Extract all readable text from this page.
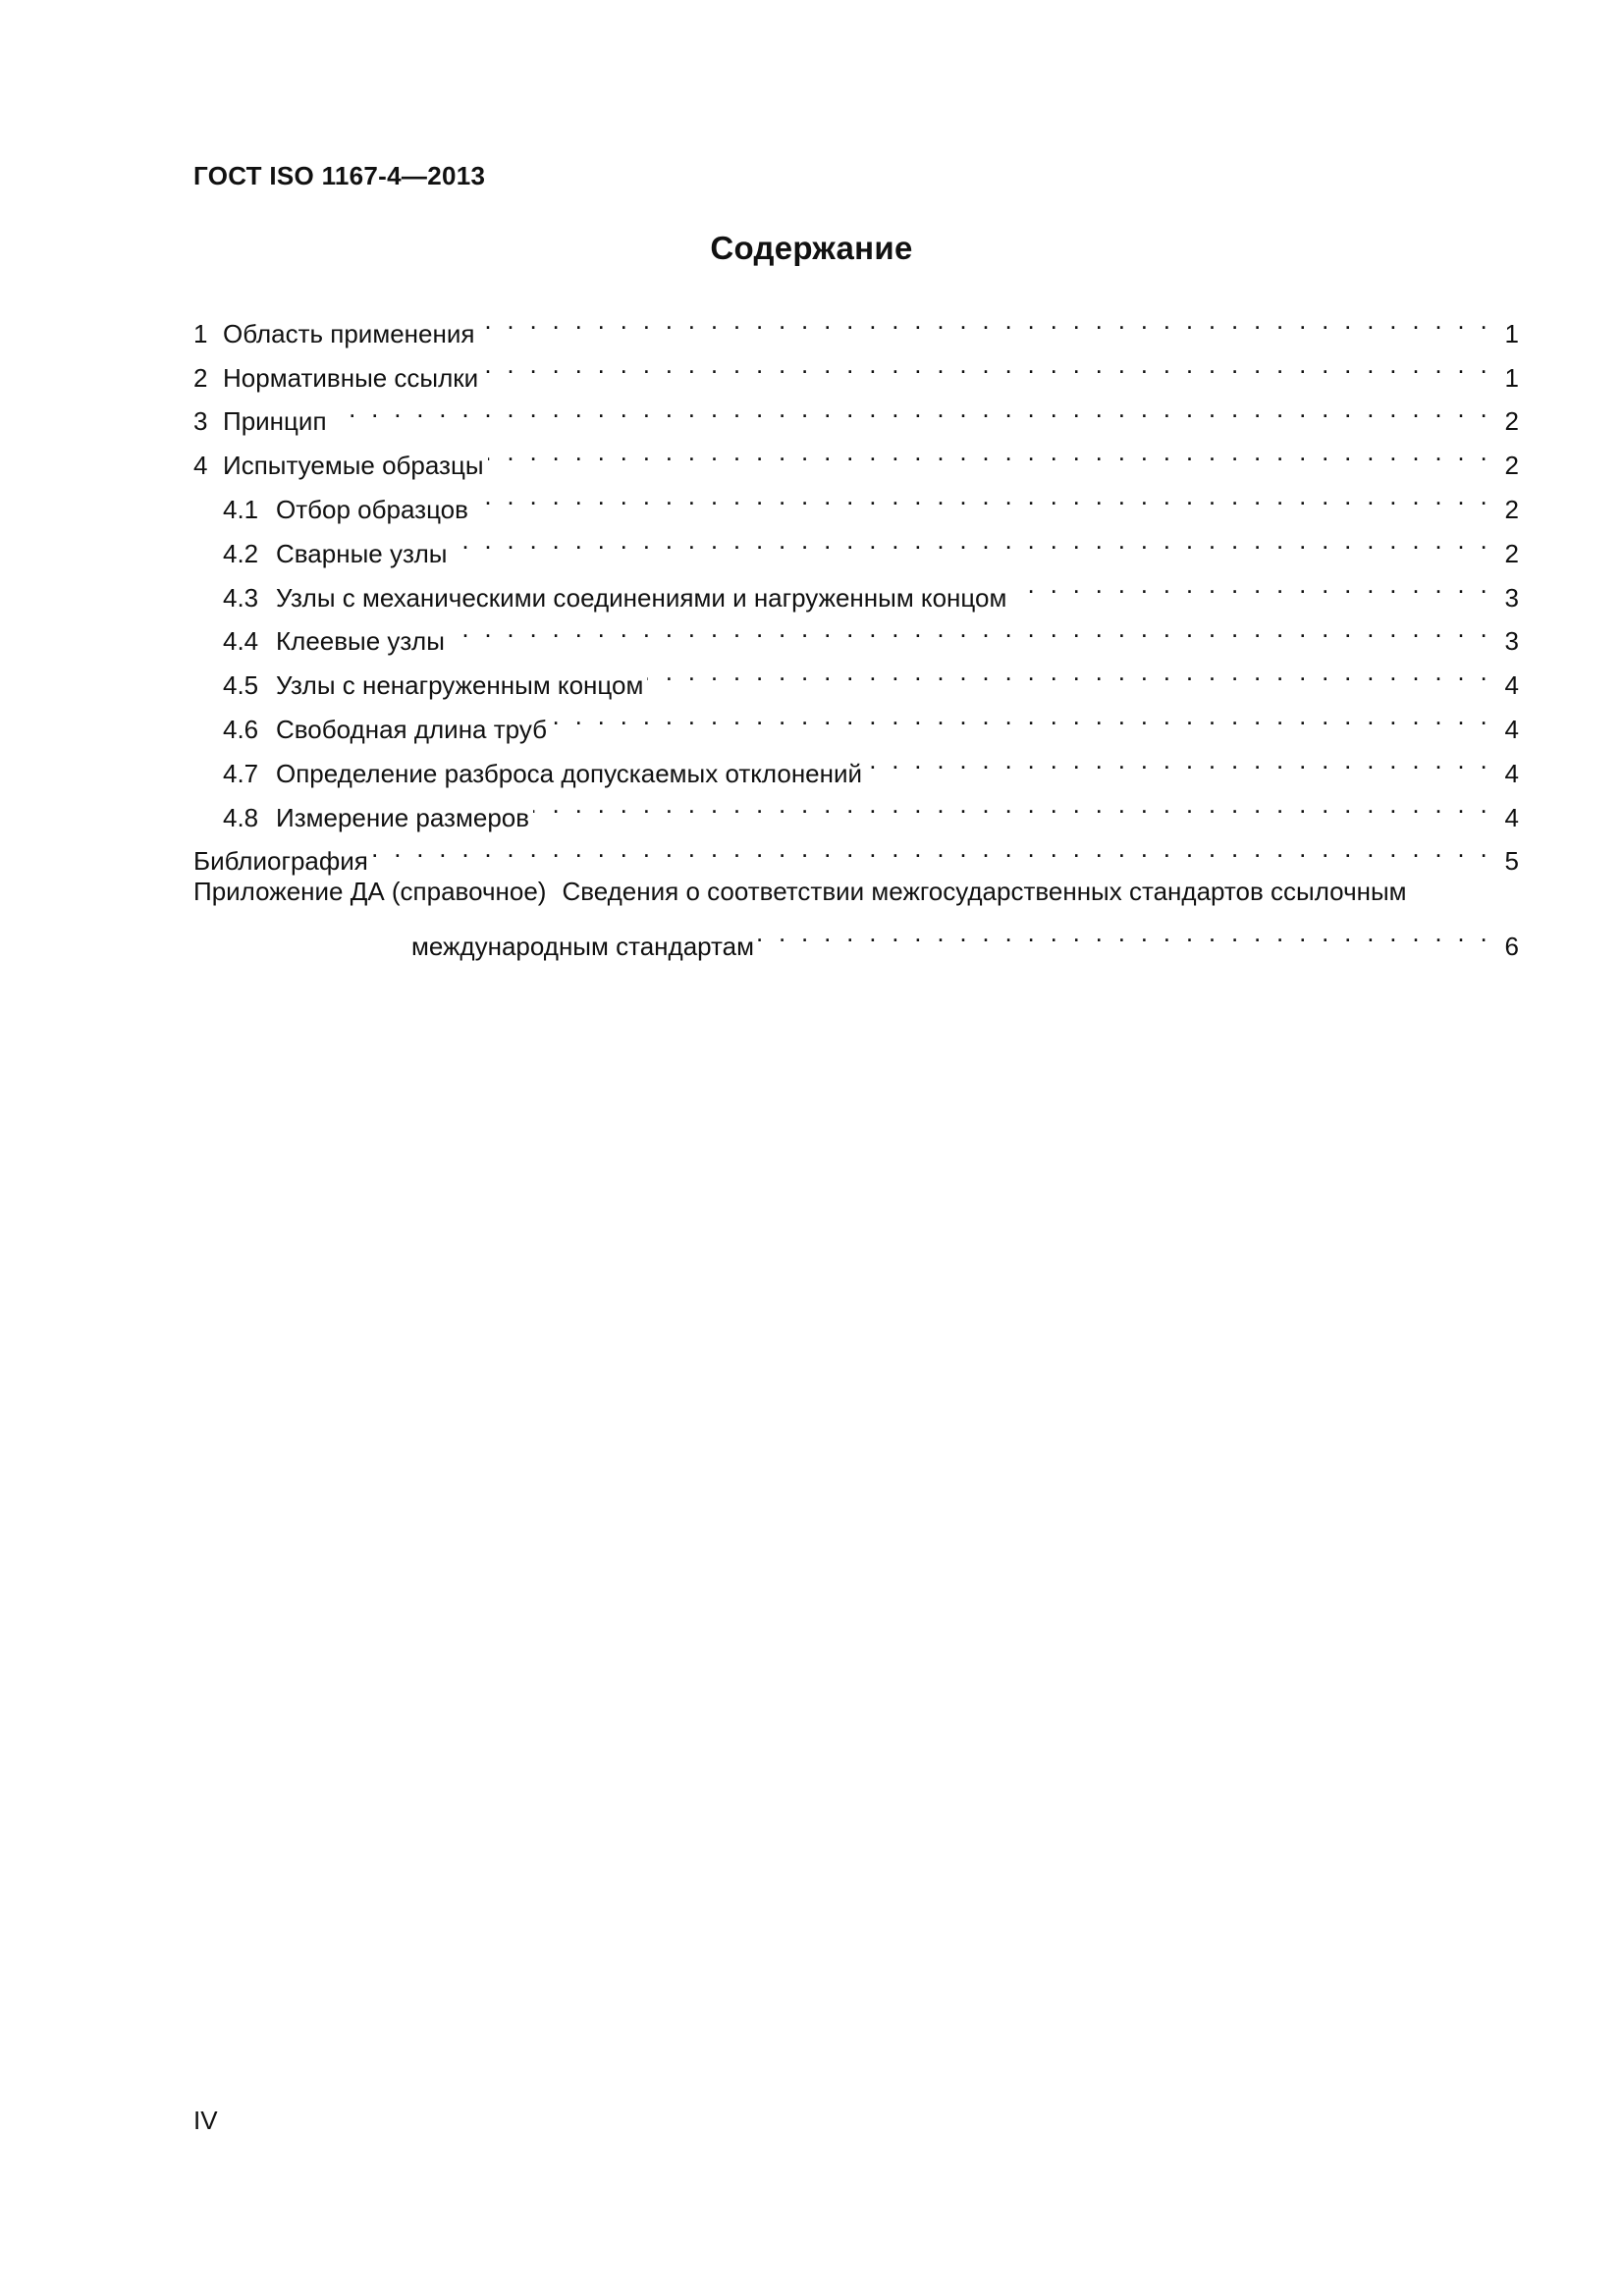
ГОСТ ISO 1167-4—2013
Содержание
1 Область применения . . .	1
2 Нормативные ссылки . . .	1
3 Принцип . . .	2
4 Испытуемые образцы . . .	2
4.1 Отбор образцов . . .	2
4.2 Сварные узлы . . .	2
4.3 Узлы с механическими соединениями и нагруженным концом . . .	3
4.4 Клеевые узлы . . .	3
4.5 Узлы с ненагруженным концом . . .	4
4.6 Свободная длина труб . . .	4
4.7 Определение разброса допускаемых отклонений . . .	4
4.8 Измерение размеров . . .	4
Библиография . . .	5
Приложение ДА (справочное) Сведения о соответствии межгосударственных стандартов ссылочным
международным стандартам . . .	6
IV
